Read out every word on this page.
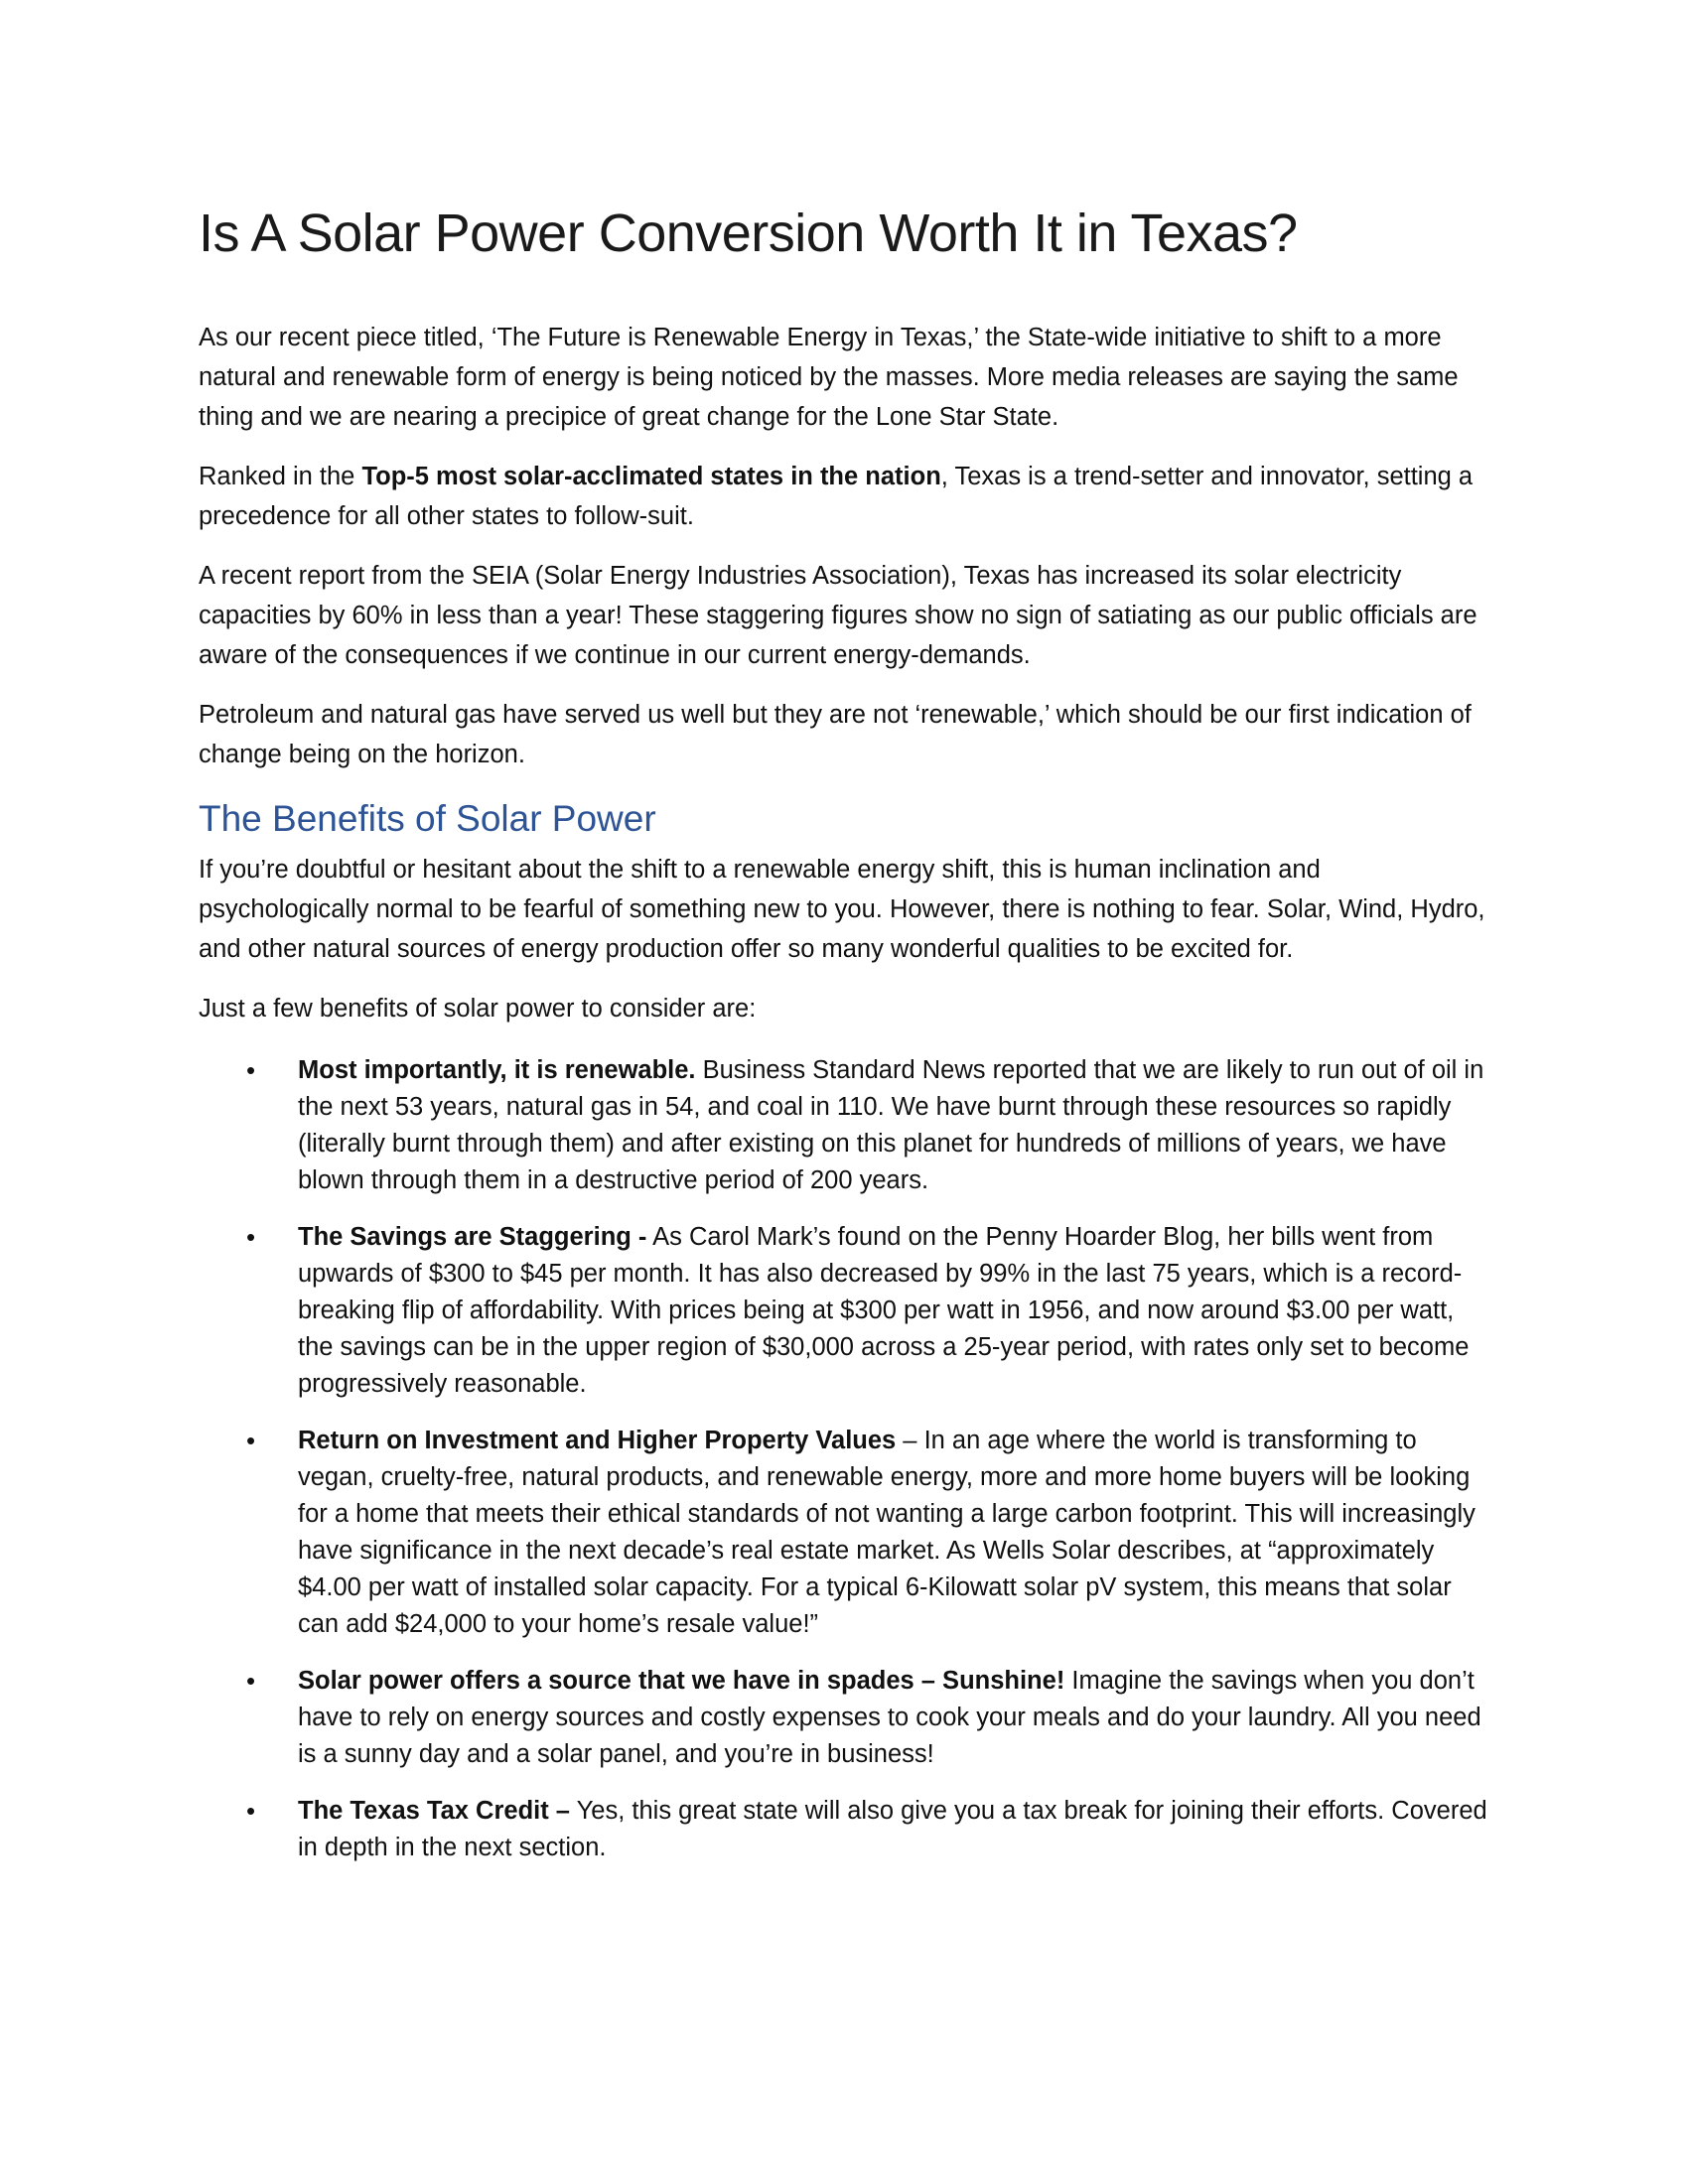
Is A Solar Power Conversion Worth It in Texas?

As our recent piece titled, ‘The Future is Renewable Energy in Texas,’ the State-wide initiative to shift to a more natural and renewable form of energy is being noticed by the masses. More media releases are saying the same thing and we are nearing a precipice of great change for the Lone Star State.

Ranked in the Top-5 most solar-acclimated states in the nation, Texas is a trend-setter and innovator, setting a precedence for all other states to follow-suit.

A recent report from the SEIA (Solar Energy Industries Association), Texas has increased its solar electricity capacities by 60% in less than a year! These staggering figures show no sign of satiating as our public officials are aware of the consequences if we continue in our current energy-demands.

Petroleum and natural gas have served us well but they are not ‘renewable,’ which should be our first indication of change being on the horizon.

The Benefits of Solar Power

If you’re doubtful or hesitant about the shift to a renewable energy shift, this is human inclination and psychologically normal to be fearful of something new to you. However, there is nothing to fear. Solar, Wind, Hydro, and other natural sources of energy production offer so many wonderful qualities to be excited for.

Just a few benefits of solar power to consider are:

• Most importantly, it is renewable. Business Standard News reported that we are likely to run out of oil in the next 53 years, natural gas in 54, and coal in 110. We have burnt through these resources so rapidly (literally burnt through them) and after existing on this planet for hundreds of millions of years, we have blown through them in a destructive period of 200 years.
• The Savings are Staggering - As Carol Mark’s found on the Penny Hoarder Blog, her bills went from upwards of $300 to $45 per month. It has also decreased by 99% in the last 75 years, which is a record-breaking flip of affordability. With prices being at $300 per watt in 1956, and now around $3.00 per watt, the savings can be in the upper region of $30,000 across a 25-year period, with rates only set to become progressively reasonable.
• Return on Investment and Higher Property Values – In an age where the world is transforming to vegan, cruelty-free, natural products, and renewable energy, more and more home buyers will be looking for a home that meets their ethical standards of not wanting a large carbon footprint. This will increasingly have significance in the next decade’s real estate market. As Wells Solar describes, at “approximately $4.00 per watt of installed solar capacity. For a typical 6-Kilowatt solar pV system, this means that solar can add $24,000 to your home’s resale value!”
• Solar power offers a source that we have in spades – Sunshine! Imagine the savings when you don’t have to rely on energy sources and costly expenses to cook your meals and do your laundry. All you need is a sunny day and a solar panel, and you’re in business!
• The Texas Tax Credit – Yes, this great state will also give you a tax break for joining their efforts. Covered in depth in the next section.
